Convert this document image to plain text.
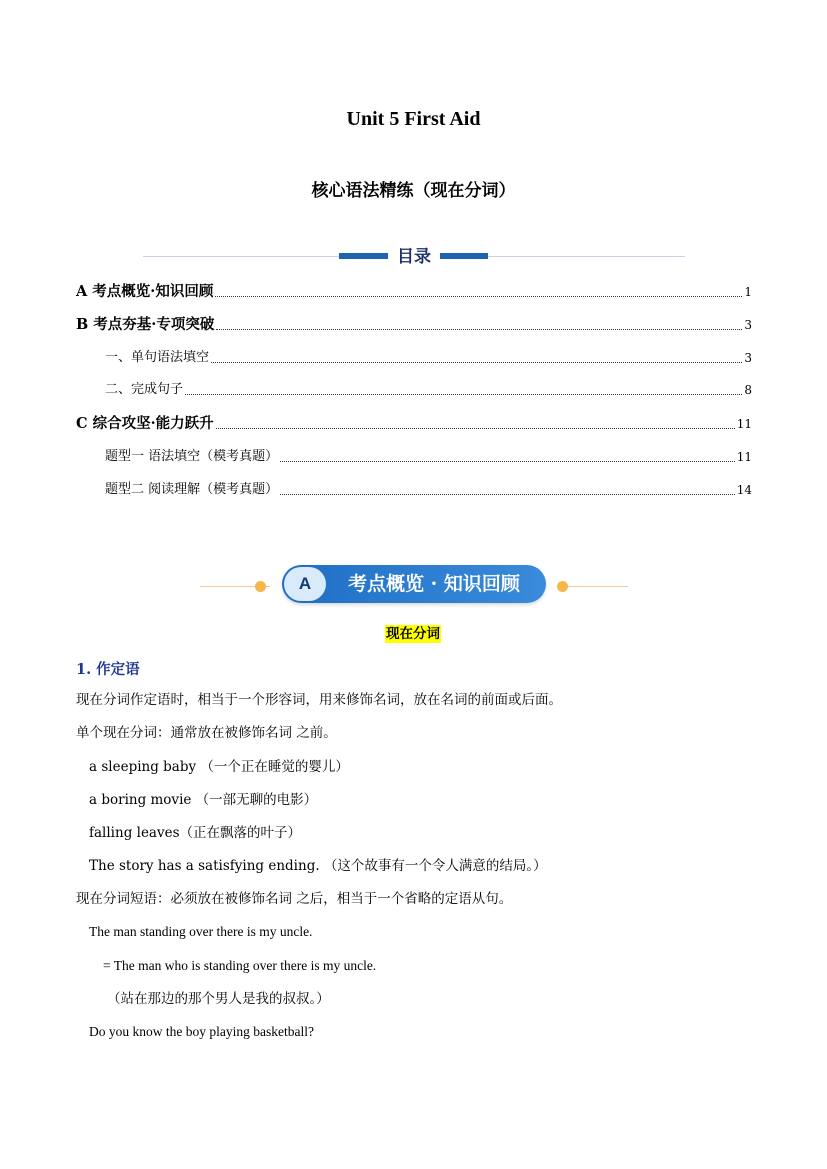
Unit 5 First Aid
核心语法精练（现在分词）
目录
A 考点概览·知识回顾	1
B 考点夯基·专项突破	3
一、单句语法填空	3
二、完成句子	8
C 综合攻坚·能力跃升	11
题型一 语法填空（模考真题）	11
题型二 阅读理解（模考真题）	14
A	考点概览 · 知识回顾
现在分词
1. 作定语
现在分词作定语时，相当于一个形容词，用来修饰名词，放在名词的前面或后面。
单个现在分词：通常放在被修饰名词 之前。
a sleeping baby （一个正在睡觉的婴儿）
a boring movie （一部无聊的电影）
falling leaves（正在飘落的叶子）
The story has a satisfying ending. （这个故事有一个令人满意的结局。）
现在分词短语：必须放在被修饰名词 之后，相当于一个省略的定语从句。
The man standing over there is my uncle.
= The man who is standing over there is my uncle.
（站在那边的那个男人是我的叔叔。）
Do you know the boy playing basketball?
